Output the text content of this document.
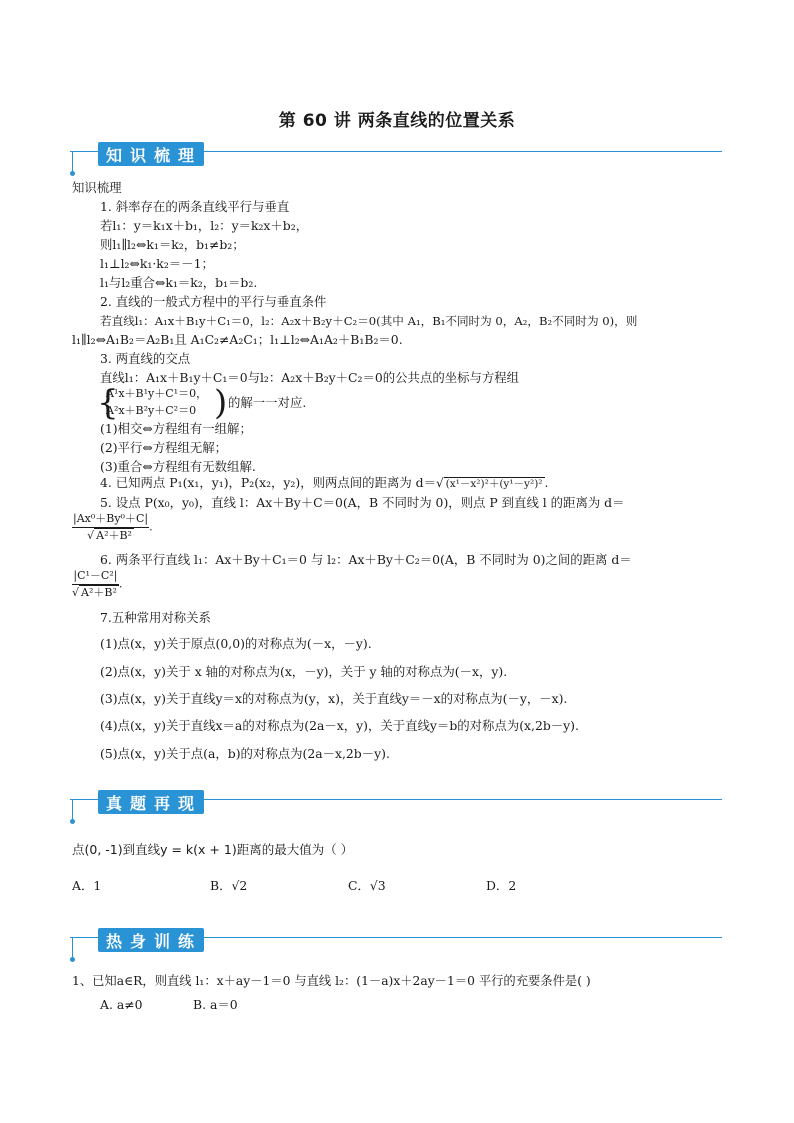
第 60 讲 两条直线的位置关系
知识梳理
知识梳理
1. 斜率存在的两条直线平行与垂直
若l₁：y＝k₁x＋b₁，l₂：y＝k₂x＋b₂，
则l₁∥l₂⇔k₁＝k₂，b₁≠b₂；
l₁⊥l₂⇔k₁·k₂＝－1；
l₁与l₂重合⇔k₁＝k₂，b₁＝b₂.
2. 直线的一般式方程中的平行与垂直条件
若直线l₁：A₁x＋B₁y＋C₁＝0，l₂：A₂x＋B₂y＋C₂＝0(其中 A₁，B₁不同时为 0，A₂，B₂不同时为 0)，则
l₁∥l₂⇔A₁B₂＝A₂B₁且 A₁C₂≠A₂C₁；l₁⊥l₂⇔A₁A₂＋B₁B₂＝0.
3. 两直线的交点
直线l₁：A₁x＋B₁y＋C₁＝0与l₂：A₂x＋B₂y＋C₂＝0的公共点的坐标与方程组
{
A¹x＋B¹y＋C¹＝0，
A²x＋B²y＋C²＝0 ) 的解一一对应.
(1)相交⇔方程组有一组解；
(2)平行⇔方程组无解；
(3)重合⇔方程组有无数组解.
4. 已知两点 P₁(x₁，y₁)，P₂(x₂，y₂)，则两点间的距离为 d＝√ (x¹－x²)²＋(y¹－y²)² .
5. 设点 P(x₀，y₀)，直线 l：Ax＋By＋C＝0(A，B 不同时为 0)，则点 P 到直线 l 的距离为 d＝
$\frac{\text{|Ax⁰＋By⁰＋C|}}{\text{√ A²＋B²}}$ .
6. 两条平行直线 l₁：Ax＋By＋C₁＝0 与 l₂：Ax＋By＋C₂＝0(A，B 不同时为 0)之间的距离 d＝
$\frac{\text{|C¹－C²|}}{\text{√ A²＋B²}}$ .
7.五种常用对称关系
(1)点(x，y)关于原点(0,0)的对称点为(－x，－y).
(2)点(x，y)关于 x 轴的对称点为(x，－y)，关于 y 轴的对称点为(－x，y).
(3)点(x，y)关于直线y＝x的对称点为(y，x)，关于直线y＝－x的对称点为(－y，－x).
(4)点(x，y)关于直线x＝a的对称点为(2a－x，y)，关于直线y＝b的对称点为(x,2b－y).
(5)点(x，y)关于点(a，b)的对称点为(2a－x,2b－y).
真题再现
点(0, -1)到直线y = k(x + 1)距离的最大值为（ ）
A．1	B．√2	C．√3	D．2
热身训练
1、已知a∈R，则直线 l₁：x＋ay－1＝0 与直线 l₂：(1－a)x＋2ay－1＝0 平行的充要条件是( )
A. a≠0	B. a＝0
